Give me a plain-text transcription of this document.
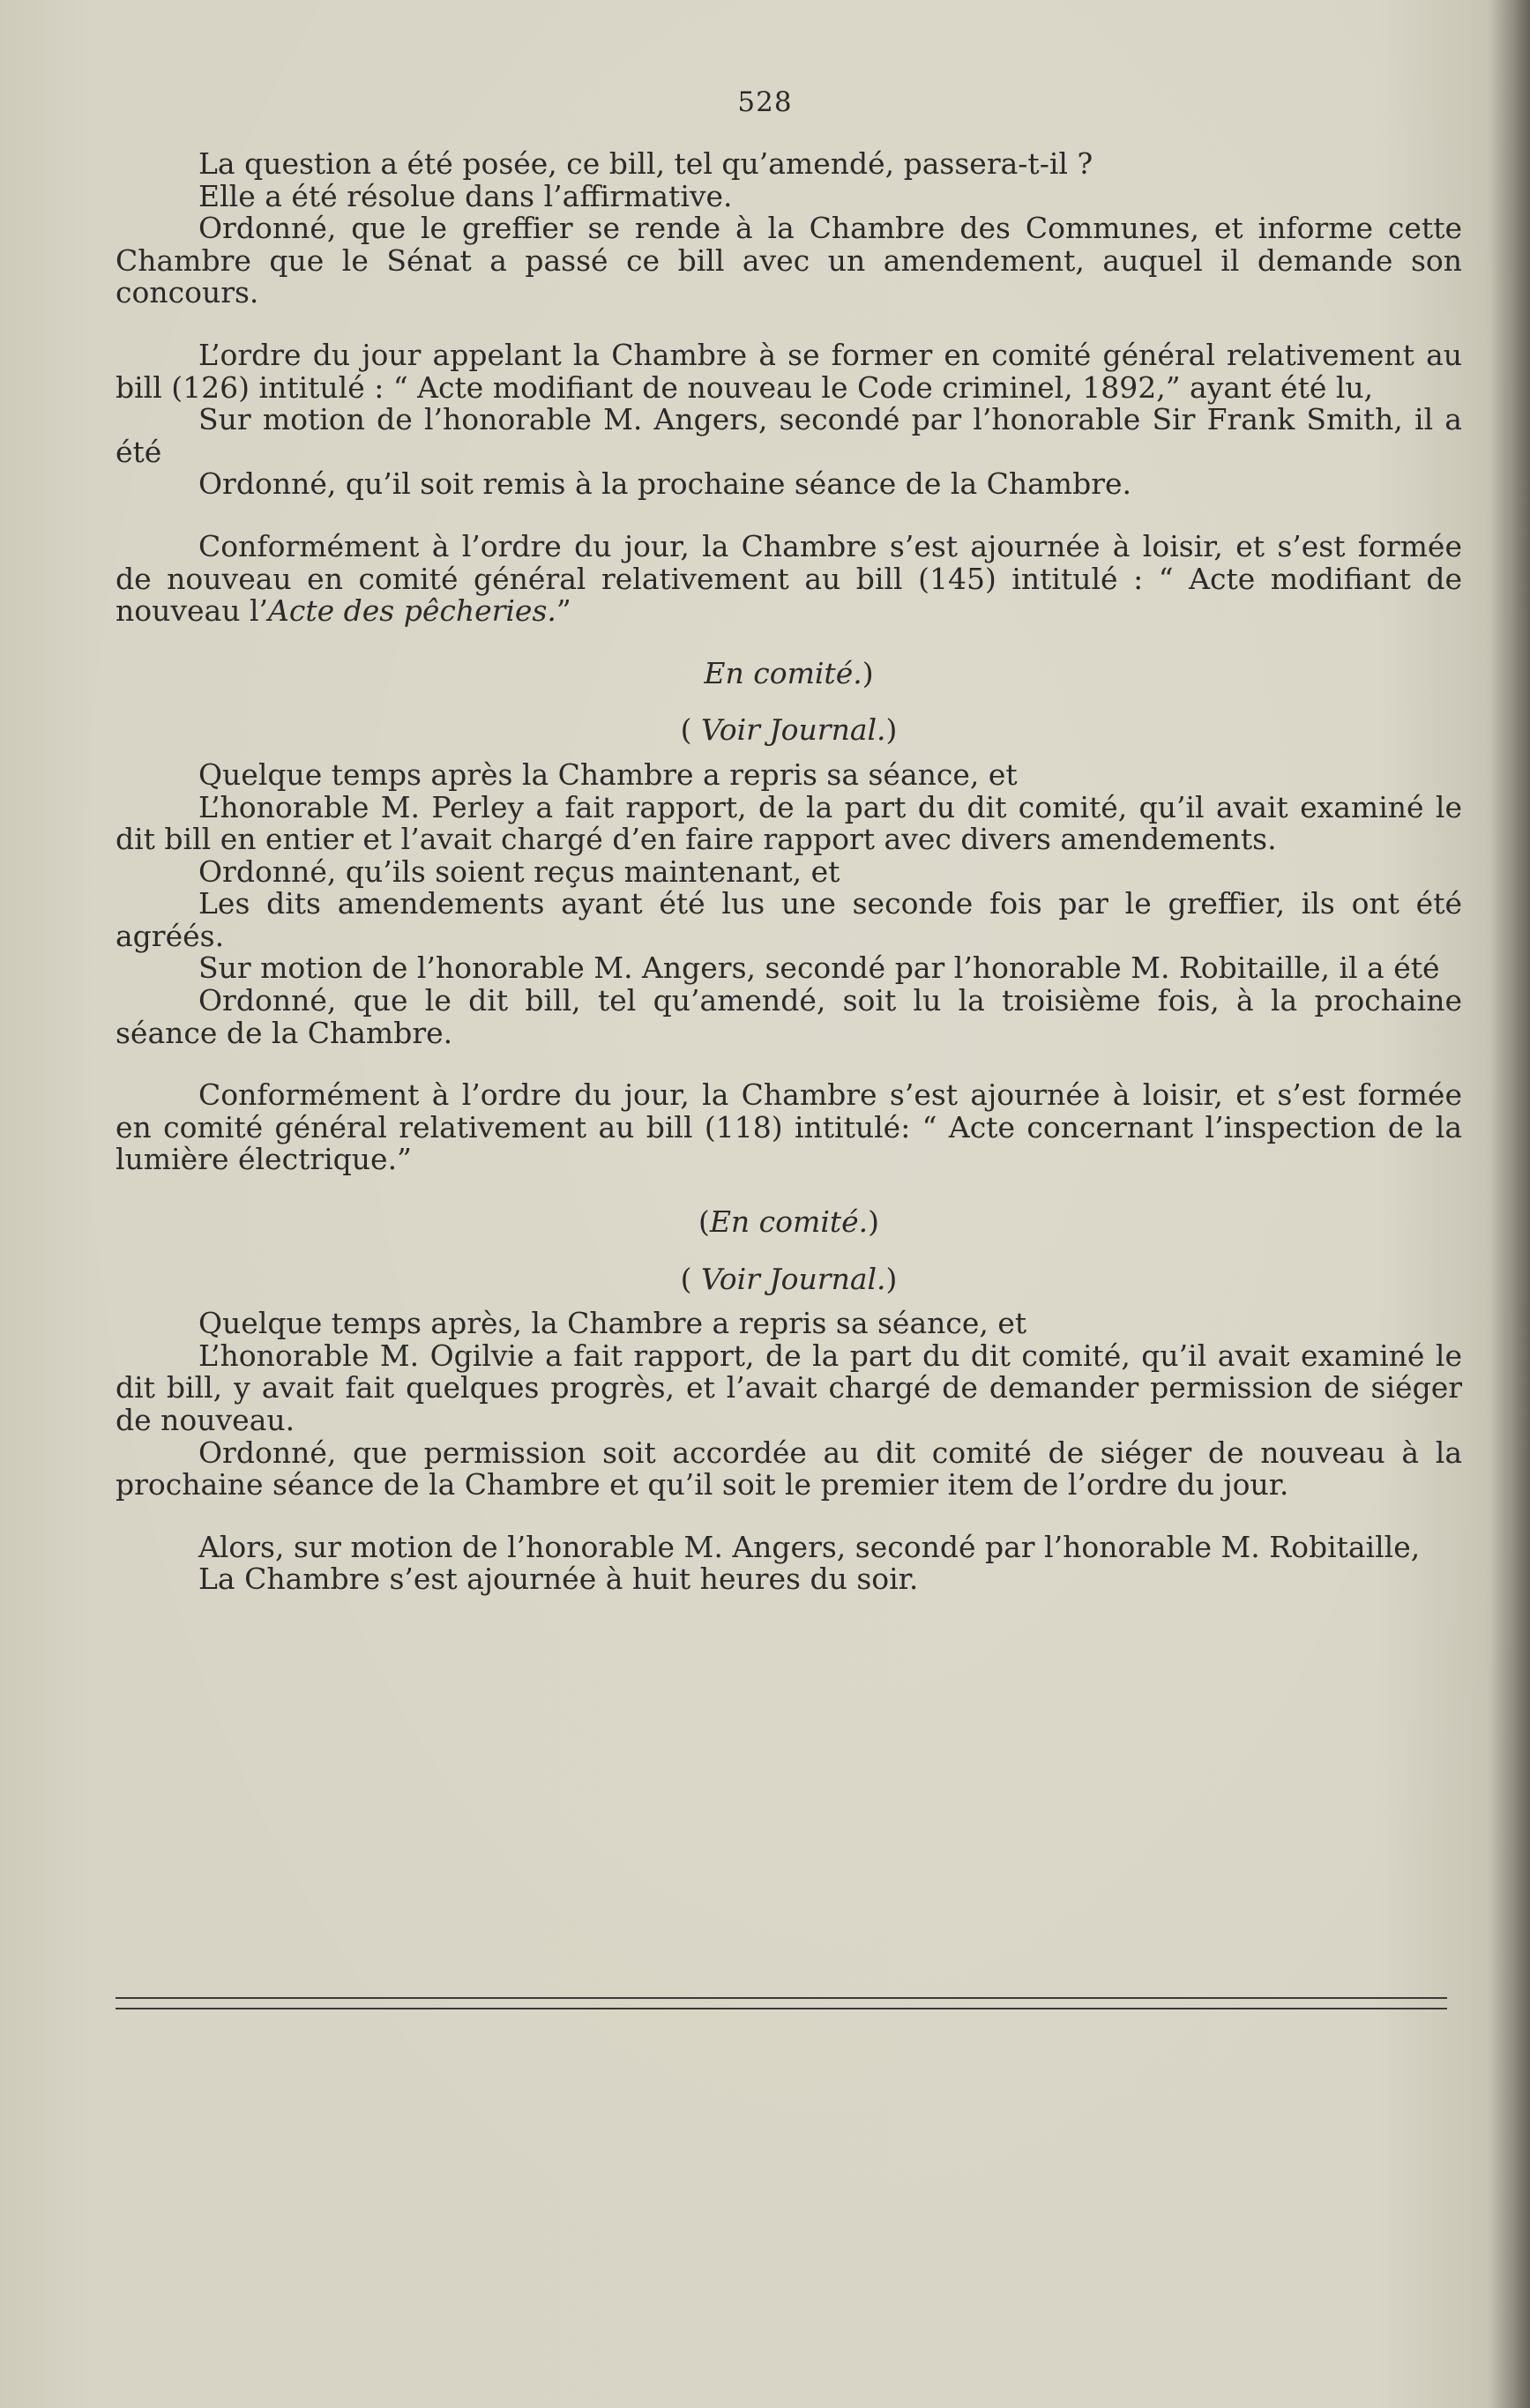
528

La question a été posée, ce bill, tel qu’amendé, passera-t-il ?

Elle a été résolue dans l’affirmative.

Ordonné, que le greffier se rende à la Chambre des Communes, et informe cette Chambre que le Sénat a passé ce bill avec un amendement, auquel il demande son concours.

L’ordre du jour appelant la Chambre à se former en comité général relativement au bill (126) intitulé : “ Acte modifiant de nouveau le Code criminel, 1892,” ayant été lu,

Sur motion de l’honorable M. Angers, secondé par l’honorable Sir Frank Smith, il a été

Ordonné, qu’il soit remis à la prochaine séance de la Chambre.

Conformément à l’ordre du jour, la Chambre s’est ajournée à loisir, et s’est formée de nouveau en comité général relativement au bill (145) intitulé : “ Acte modifiant de nouveau l’Acte des pêcheries.”

En comité.)

( Voir Journal.)

Quelque temps après la Chambre a repris sa séance, et

L’honorable M. Perley a fait rapport, de la part du dit comité, qu’il avait examiné le dit bill en entier et l’avait chargé d’en faire rapport avec divers amendements.

Ordonné, qu’ils soient reçus maintenant, et

Les dits amendements ayant été lus une seconde fois par le greffier, ils ont été agréés.

Sur motion de l’honorable M. Angers, secondé par l’honorable M. Robitaille, il a été

Ordonné, que le dit bill, tel qu’amendé, soit lu la troisième fois, à la prochaine séance de la Chambre.

Conformément à l’ordre du jour, la Chambre s’est ajournée à loisir, et s’est formée en comité général relativement au bill (118) intitulé: “ Acte concernant l’inspection de la lumière électrique.”

(En comité.)

( Voir Journal.)

Quelque temps après, la Chambre a repris sa séance, et

L’honorable M. Ogilvie a fait rapport, de la part du dit comité, qu’il avait examiné le dit bill, y avait fait quelques progrès, et l’avait chargé de demander permission de siéger de nouveau.

Ordonné, que permission soit accordée au dit comité de siéger de nouveau à la prochaine séance de la Chambre et qu’il soit le premier item de l’ordre du jour.

Alors, sur motion de l’honorable M. Angers, secondé par l’honorable M. Robitaille,

La Chambre s’est ajournée à huit heures du soir.
